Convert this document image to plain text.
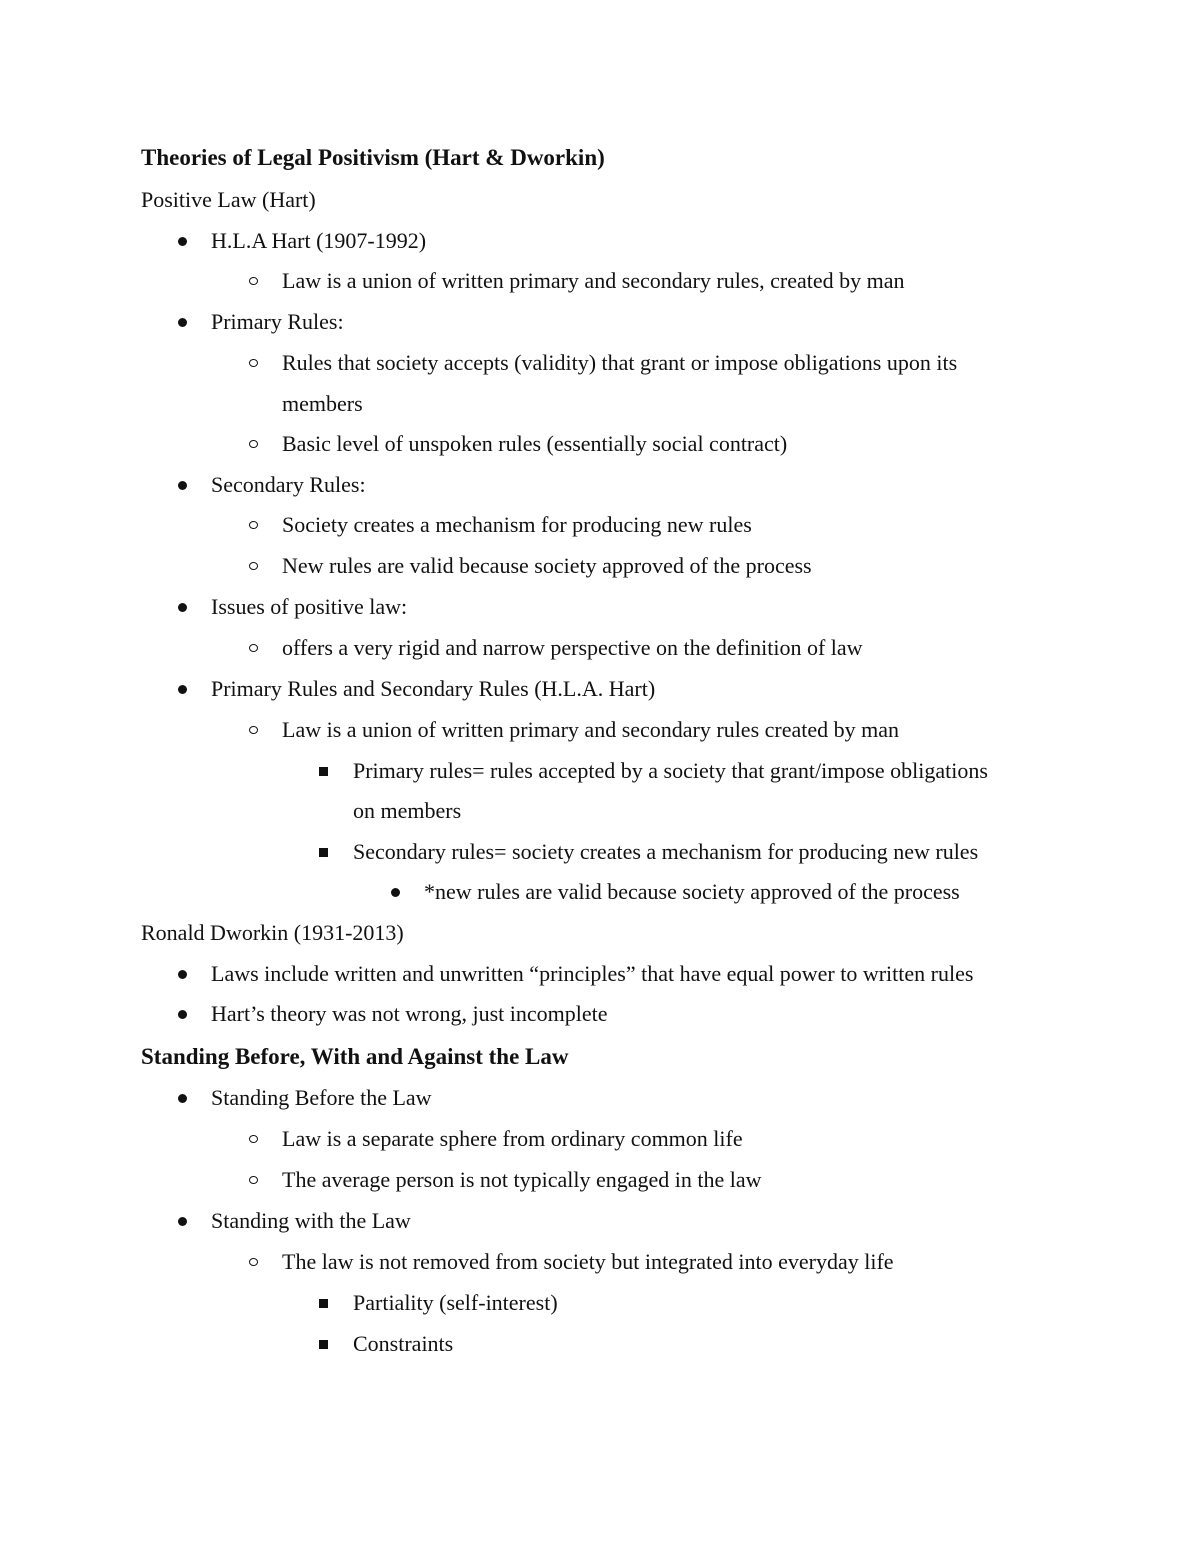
Theories of Legal Positivism (Hart & Dworkin)
Positive Law (Hart)
H.L.A Hart (1907-1992)
Law is a union of written primary and secondary rules, created by man
Primary Rules:
Rules that society accepts (validity) that grant or impose obligations upon its
members
Basic level of unspoken rules (essentially social contract)
Secondary Rules:
Society creates a mechanism for producing new rules
New rules are valid because society approved of the process
Issues of positive law:
offers a very rigid and narrow perspective on the definition of law
Primary Rules and Secondary Rules (H.L.A. Hart)
Law is a union of written primary and secondary rules created by man
Primary rules= rules accepted by a society that grant/impose obligations
on members
Secondary rules= society creates a mechanism for producing new rules
*new rules are valid because society approved of the process
Ronald Dworkin (1931-2013)
Laws include written and unwritten “principles” that have equal power to written rules
Hart’s theory was not wrong, just incomplete
Standing Before, With and Against the Law
Standing Before the Law
Law is a separate sphere from ordinary common life
The average person is not typically engaged in the law
Standing with the Law
The law is not removed from society but integrated into everyday life
Partiality (self-interest)
Constraints
